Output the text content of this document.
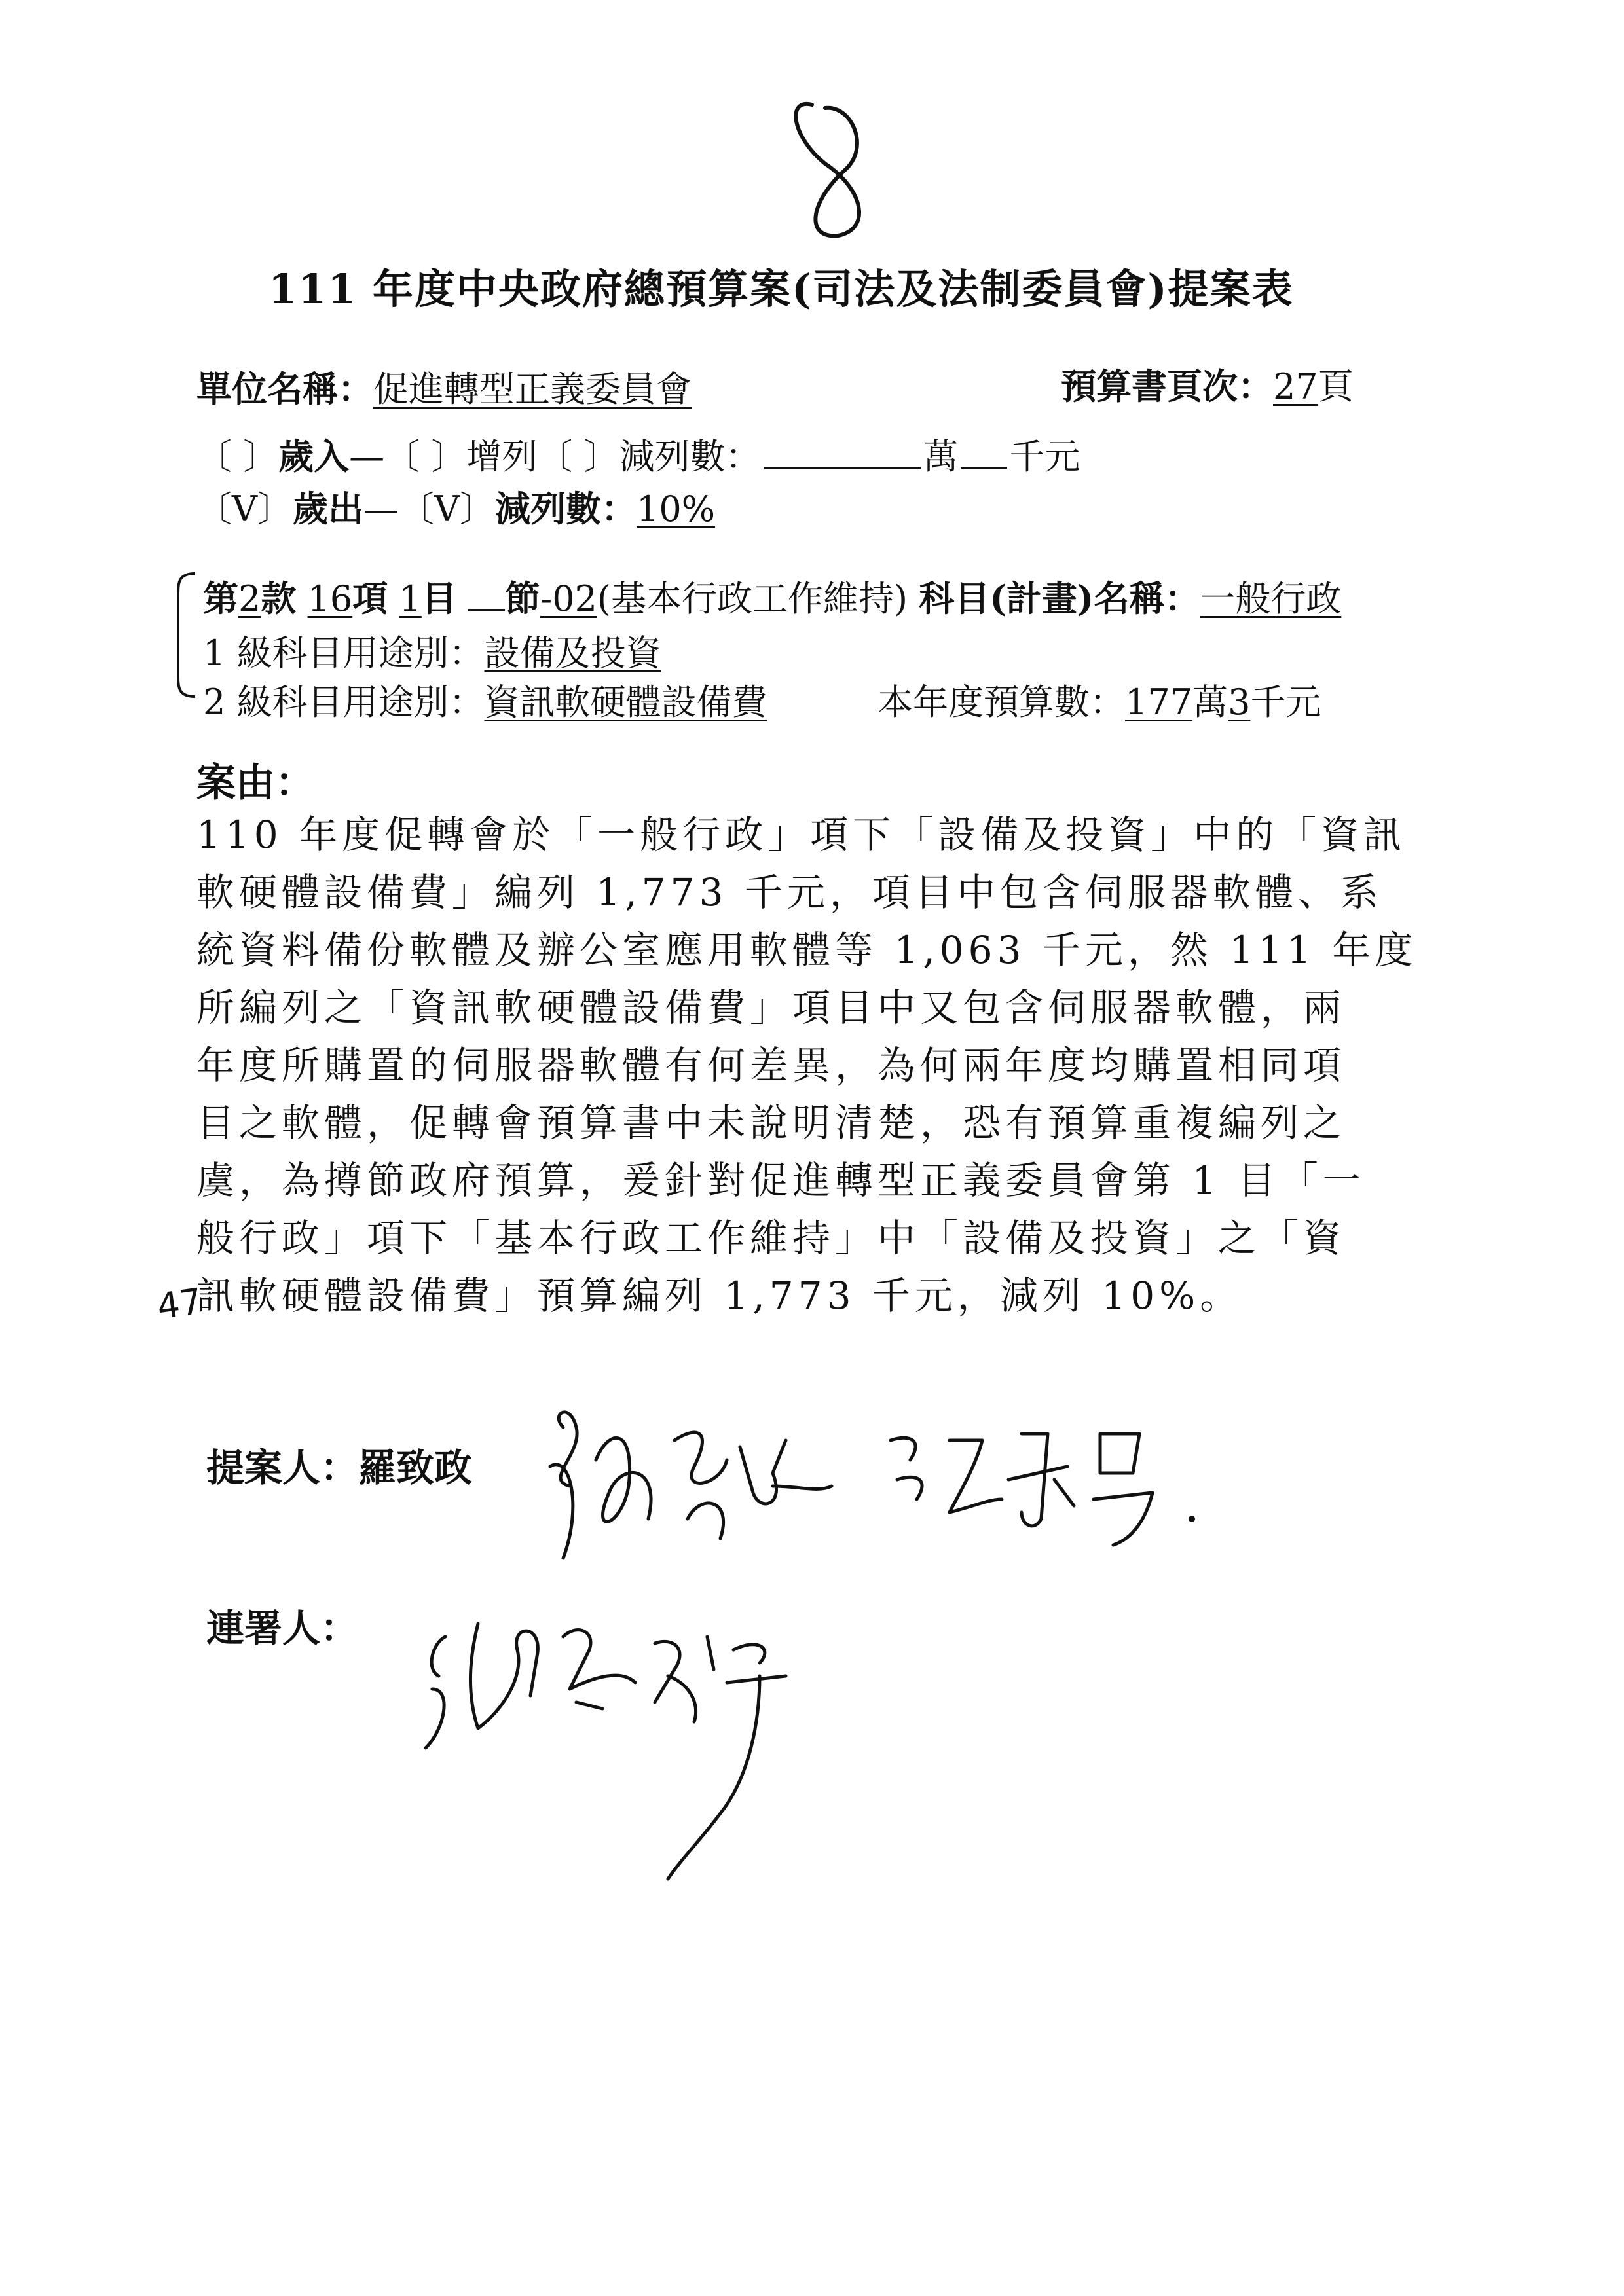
111 年度中央政府總預算案(司法及法制委員會)提案表
單位名稱：促進轉型正義委員會	預算書頁次：27頁
〔 〕歲入—〔 〕增列〔 〕減列數：	萬 千元
〔V〕歲出—〔V〕減列數：10%
第2款 16項 1目 節-02(基本行政工作維持) 科目(計畫)名稱：一般行政
1 級科目用途別：設備及投資
2 級科目用途別：資訊軟硬體設備費	本年度預算數：177萬3千元
案由：
110 年度促轉會於「一般行政」項下「設備及投資」中的「資訊
軟硬體設備費」編列 1,773 千元，項目中包含伺服器軟體、系
統資料備份軟體及辦公室應用軟體等 1,063 千元，然 111 年度
所編列之「資訊軟硬體設備費」項目中又包含伺服器軟體，兩
年度所購置的伺服器軟體有何差異，為何兩年度均購置相同項
目之軟體，促轉會預算書中未說明清楚，恐有預算重複編列之
虞，為撙節政府預算，爰針對促進轉型正義委員會第 1 目「一
般行政」項下「基本行政工作維持」中「設備及投資」之「資
訊軟硬體設備費」預算編列 1,773 千元，減列 10%。
47
提案人：羅致政
連署人：
